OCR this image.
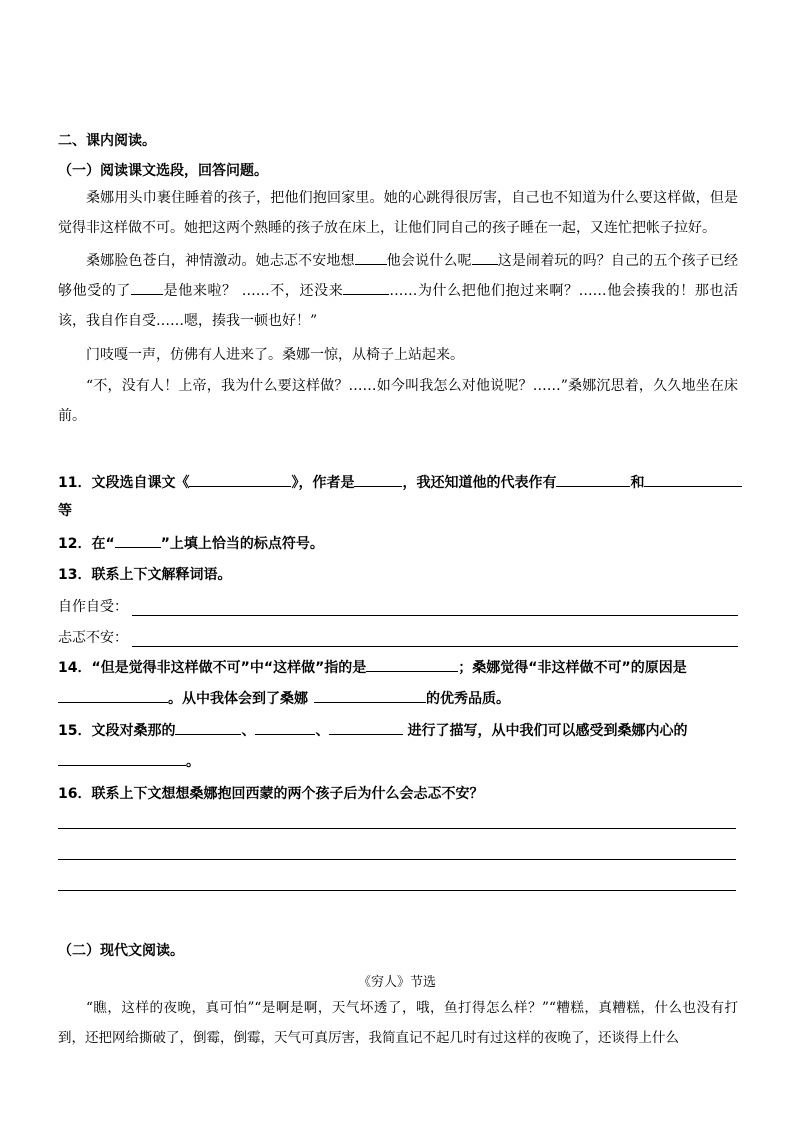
二、课内阅读。
（一）阅读课文选段，回答问题。
桑娜用头巾裹住睡着的孩子，把他们抱回家里。她的心跳得很厉害，自己也不知道为什么要这样做，但是觉得非这样做不可。她把这两个熟睡的孩子放在床上，让他们同自己的孩子睡在一起，又连忙把帐子拉好。
桑娜脸色苍白，神情激动。她忐忑不安地想 他会说什么呢 这是闹着玩的吗？自己的五个孩子已经够他受的了 是他来啦？ ……不，还没来	……为什么把他们抱过来啊？……他会揍我的！那也活该，我自作自受……嗯，揍我一顿也好！”
门吱嘎一声，仿佛有人进来了。桑娜一惊，从椅子上站起来。
“不，没有人！上帝，我为什么要这样做？……如今叫我怎么对他说呢？……”桑娜沉思着，久久地坐在床前。
11．文段选自课文《	》，作者是	，我还知道他的代表作有	和
等
12．在“	”上填上恰当的标点符号。
13．联系上下文解释词语。
自作自受：
忐忑不安：
14．“但是觉得非这样做不可”中“这样做”指的是	；桑娜觉得“非这样做不可”的原因是
。从中我体会到了桑娜	的优秀品质。
15．文段对桑那的	、	、	进行了描写，从中我们可以感受到桑娜内心的
。
16．联系上下文想想桑娜抱回西蒙的两个孩子后为什么会忐忑不安？
（二）现代文阅读。
《穷人》节选
“瞧，这样的夜晚，真可怕”“是啊是啊，天气坏透了，哦，鱼打得怎么样？”“糟糕，真糟糕，什么也没有打到，还把网给撕破了，倒霉，倒霉，天气可真厉害，我简直记不起几时有过这样的夜晚了，还谈得上什么
